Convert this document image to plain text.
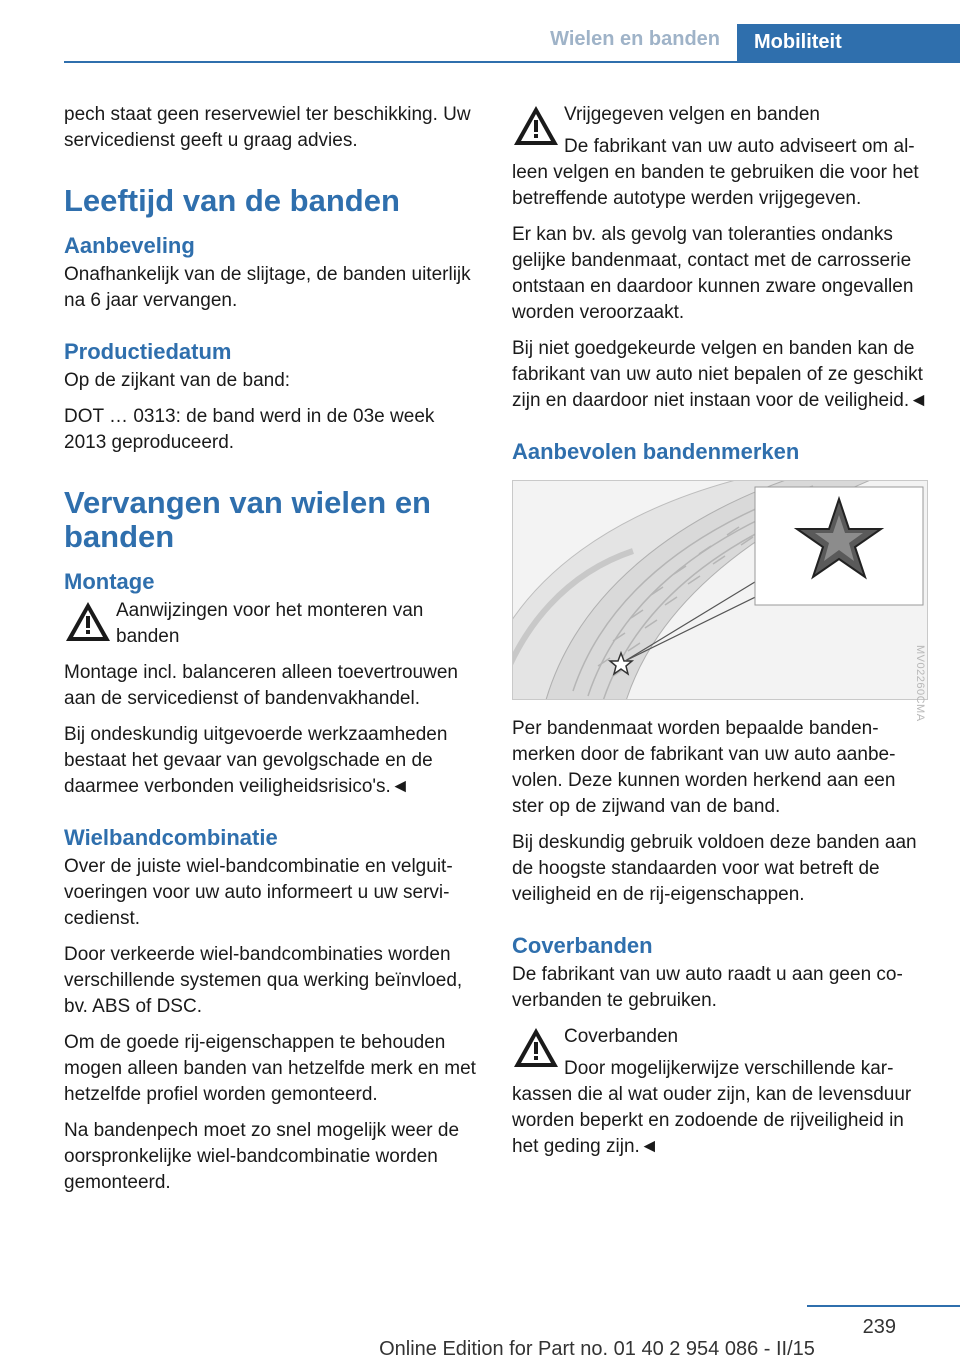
Wielen en banden	Mobiliteit

pech staat geen reservewiel ter beschikking. Uw servicedienst geeft u graag advies.

Leeftijd van de banden
Aanbeveling

Onafhankelijk van de slijtage, de banden uiterlijk na 6 jaar vervangen.

Productiedatum

Op de zijkant van de band:

DOT … 0313: de band werd in de 03e week 2013 geproduceerd.

Vervangen van wielen en banden
Montage

Aanwijzingen voor het monteren van banden

Montage incl. balanceren alleen toevertrouwen aan de servicedienst of bandenvakhandel.

Bij ondeskundig uitgevoerde werkzaamheden bestaat het gevaar van gevolgschade en de daarmee verbonden veiligheidsrisico's.◄

Wielbandcombinatie

Over de juiste wiel-bandcombinatie en velguitvoeringen voor uw auto informeert u uw servicedienst.

Door verkeerde wiel-bandcombinaties worden verschillende systemen qua werking beïnvloed, bv. ABS of DSC.

Om de goede rij-eigenschappen te behouden mogen alleen banden van hetzelfde merk en met hetzelfde profiel worden gemonteerd.

Na bandenpech moet zo snel mogelijk weer de oorspronkelijke wiel-bandcombinatie worden gemonteerd.

Vrijgegeven velgen en banden

De fabrikant van uw auto adviseert om alleen velgen en banden te gebruiken die voor het betreffende autotype werden vrijgegeven.

Er kan bv. als gevolg van toleranties ondanks gelijke bandenmaat, contact met de carrosserie ontstaan en daardoor kunnen zware ongevallen worden veroorzaakt.

Bij niet goedgekeurde velgen en banden kan de fabrikant van uw auto niet bepalen of ze geschikt zijn en daardoor niet instaan voor de veiligheid.◄

Aanbevolen bandenmerken

Per bandenmaat worden bepaalde bandenmerken door de fabrikant van uw auto aanbevolen. Deze kunnen worden herkend aan een ster op de zijwand van de band.

Bij deskundig gebruik voldoen deze banden aan de hoogste standaarden voor wat betreft de veiligheid en de rij-eigenschappen.

Coverbanden

De fabrikant van uw auto raadt u aan geen coverbanden te gebruiken.

Coverbanden

Door mogelijkerwijze verschillende karkassen die al wat ouder zijn, kan de levensduur worden beperkt en zodoende de rijveiligheid in het geding zijn.◄

MV02260CMA
239
Online Edition for Part no. 01 40 2 954 086 - II/15
